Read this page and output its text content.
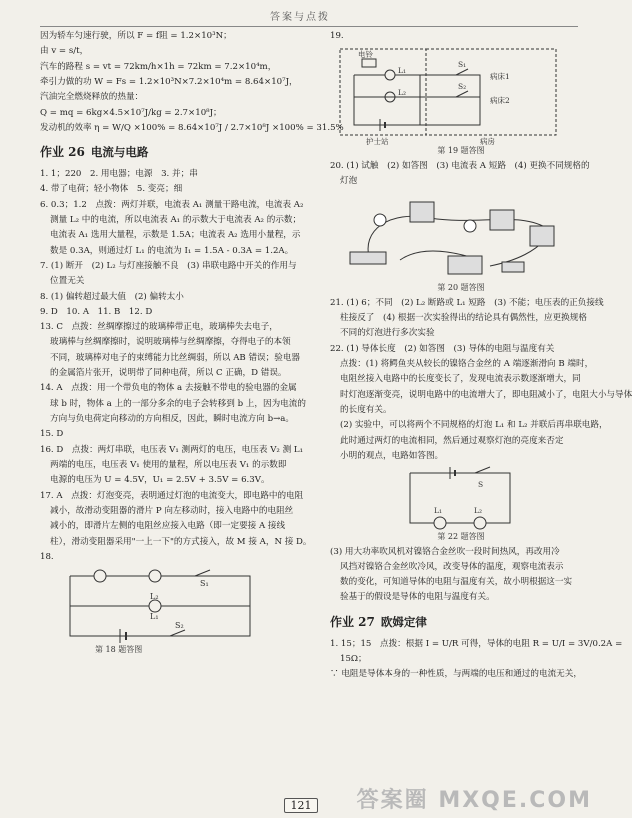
答案与点拨

因为轿车匀速行驶，所以 F = f阻 = 1.2×10³N；

由 v = s/t，

汽车的路程 s = vt = 72km/h×1h = 72km = 7.2×10⁴m，

牵引力做的功 W = Fs = 1.2×10³N×7.2×10⁴m = 8.64×10⁷J，

汽油完全燃烧释放的热量：

Q = mq = 6kg×4.5×10⁷J/kg = 2.7×10⁸J；

发动机的效率 η = W/Q ×100% = 8.64×10⁷J / 2.7×10⁸J ×100% = 31.5%

作业 26 电流与电路

1. 1；220　2. 用电器；电源　3. 并；串

4. 带了电荷；轻小物体　5. 变亮；细

6. 0.3；1.2　点拨：两灯并联，电流表 A₁ 测量干路电流，电流表 A₂

测量 L₂ 中的电流，所以电流表 A₁ 的示数大于电流表 A₂ 的示数；

电流表 A₁ 选用大量程，示数是 1.5A；电流表 A₂ 选用小量程，示

数是 0.3A，则通过灯 L₁ 的电流为 I₁ = 1.5A - 0.3A = 1.2A。

7. (1) 断开　(2) L₂ 与灯座接触不良　(3) 串联电路中开关的作用与

位置无关

8. (1) 偏转超过最大值　(2) 偏转太小

9. D　10. A　11. B　12. D

13. C　点拨：丝绸摩擦过的玻璃棒带正电，玻璃棒失去电子，

玻璃棒与丝绸摩擦时，说明玻璃棒与丝绸摩擦，夺得电子的本领

不同，玻璃棒对电子的束缚能力比丝绸弱，所以 AB 错误；验电器

的金属箔片张开，说明带了同种电荷，所以 C 正确，D 错误。

14. A　点拨：用一个带负电的物体 a 去接触不带电的验电器的金属

球 b 时，物体 a 上的一部分多余的电子会转移到 b 上，因为电流的

方向与负电荷定向移动的方向相反，因此，瞬时电流方向 b→a。

15. D

16. D　点拨：两灯串联，电压表 V₁ 测两灯的电压，电压表 V₂ 测 L₁

两端的电压，电压表 V₁ 使用的量程，所以电压表 V₁ 的示数即

电源的电压为 U = 4.5V，U₁ = 2.5V + 3.5V = 6.3V。

17. A　点拨：灯泡变亮，表明通过灯泡的电流变大，即电路中的电阻

减小，故滑动变阻器的滑片 P 向左移动时，接入电路中的电阻丝

减小的，即滑片左侧的电阻丝应接入电路（即一定要接 A 接线

柱），滑动变阻器采用"一上一下"的方式接入，故 M 接 A，N 接 D。

18.

S₁
L₂
L₁
S₂

第 18 题答图

19.

电铃
L₁
L₂
S₁
S₂
病床1
病床2
护士站	病房

第 19 题答图

20. (1) 试触　(2) 如答图　(3) 电流表 A 短路　(4) 更换不同规格的

灯泡

第 20 题答图

21. (1) 6；不同　(2) L₂ 断路或 L₁ 短路　(3) 不能；电压表的正负接线

柱接反了　(4) 根据一次实验得出的结论具有偶然性，应更换规格

不同的灯泡进行多次实验

22. (1) 导体长度　(2) 如答图　(3) 导体的电阻与温度有关

点拨：(1) 将鳄鱼夹从较长的镍铬合金丝的 A 端逐渐滑向 B 端时，

电阻丝接入电路中的长度变长了，发现电流表示数逐渐增大，同

时灯泡逐渐变亮，说明电路中的电流增大了，即电阻减小了，电阻大小与导体

的长度有关。

(2) 实验中，可以将两个不同规格的灯泡 L₁ 和 L₂ 并联后再串联电路，

此时通过两灯的电流相同，然后通过观察灯泡的亮度来否定

小明的观点，电路如答图。

S
L₁	L₂

第 22 题答图

(3) 用大功率吹风机对镍铬合金丝吹一段时间热风，再改用冷

风挡对镍铬合金丝吹冷风，改变导体的温度，观察电流表示

数的变化，可知道导体的电阻与温度有关，故小明根据这一实

验基于的假设是导体的电阻与温度有关。

作业 27 欧姆定律

1. 15；15　点拨：根据 I = U/R 可得，导体的电阻 R = U/I = 3V/0.2A =

15Ω；

∵ 电阻是导体本身的一种性质，与两端的电压和通过的电流无关，

121 答案圈 MXQE.COM
